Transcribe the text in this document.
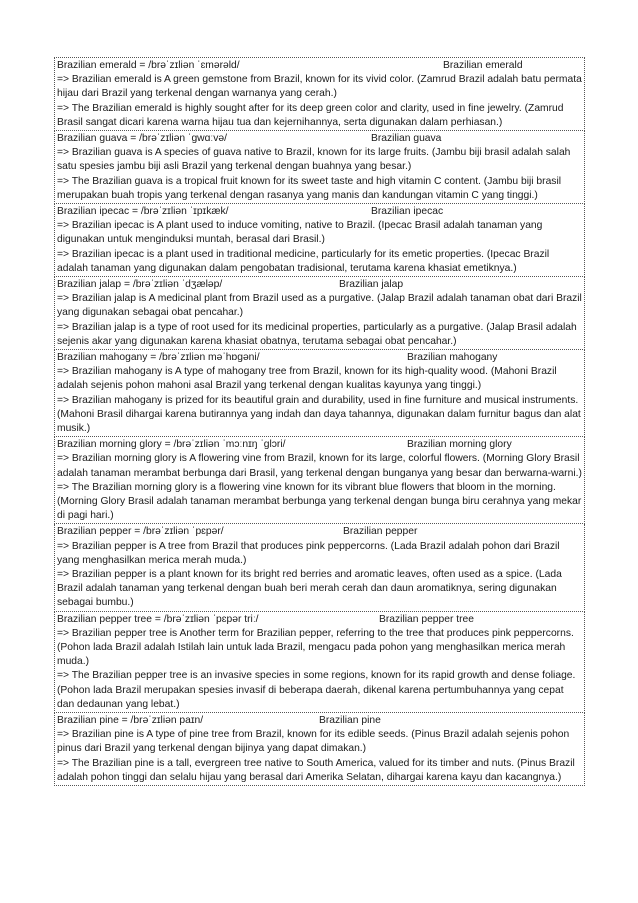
Brazilian emerald = /brəˈzɪliən ˈɛmərəld/	Brazilian emerald

=> Brazilian emerald is A green gemstone from Brazil, known for its vivid color. (Zamrud Brazil adalah batu permata hijau dari Brazil yang terkenal dengan warnanya yang cerah.)

=> The Brazilian emerald is highly sought after for its deep green color and clarity, used in fine jewelry. (Zamrud Brasil sangat dicari karena warna hijau tua dan kejernihannya, serta digunakan dalam perhiasan.)

Brazilian guava = /brəˈzɪliən ˈɡwɑːvə/	Brazilian guava

=> Brazilian guava is A species of guava native to Brazil, known for its large fruits. (Jambu biji brasil adalah salah satu spesies jambu biji asli Brazil yang terkenal dengan buahnya yang besar.)

=> The Brazilian guava is a tropical fruit known for its sweet taste and high vitamin C content. (Jambu biji brasil merupakan buah tropis yang terkenal dengan rasanya yang manis dan kandungan vitamin C yang tinggi.)

Brazilian ipecac = /brəˈzɪliən ˈɪpɪkæk/	Brazilian ipecac

=> Brazilian ipecac is A plant used to induce vomiting, native to Brazil. (Ipecac Brasil adalah tanaman yang digunakan untuk menginduksi muntah, berasal dari Brasil.)

=> Brazilian ipecac is a plant used in traditional medicine, particularly for its emetic properties. (Ipecac Brazil adalah tanaman yang digunakan dalam pengobatan tradisional, terutama karena khasiat emetiknya.)

Brazilian jalap = /brəˈzɪliən ˈdʒæləp/	Brazilian jalap

=> Brazilian jalap is A medicinal plant from Brazil used as a purgative. (Jalap Brazil adalah tanaman obat dari Brazil yang digunakan sebagai obat pencahar.)

=> Brazilian jalap is a type of root used for its medicinal properties, particularly as a purgative. (Jalap Brasil adalah sejenis akar yang digunakan karena khasiat obatnya, terutama sebagai obat pencahar.)

Brazilian mahogany = /brəˈzɪliən məˈhɒɡəni/	Brazilian mahogany

=> Brazilian mahogany is A type of mahogany tree from Brazil, known for its high-quality wood. (Mahoni Brazil adalah sejenis pohon mahoni asal Brazil yang terkenal dengan kualitas kayunya yang tinggi.)

=> Brazilian mahogany is prized for its beautiful grain and durability, used in fine furniture and musical instruments. (Mahoni Brasil dihargai karena butirannya yang indah dan daya tahannya, digunakan dalam furnitur bagus dan alat musik.)

Brazilian morning glory = /brəˈzɪliən ˈmɔːnɪŋ ˈɡlɔri/	Brazilian morning glory

=> Brazilian morning glory is A flowering vine from Brazil, known for its large, colorful flowers. (Morning Glory Brasil adalah tanaman merambat berbunga dari Brasil, yang terkenal dengan bunganya yang besar dan berwarna-warni.)

=> The Brazilian morning glory is a flowering vine known for its vibrant blue flowers that bloom in the morning. (Morning Glory Brasil adalah tanaman merambat berbunga yang terkenal dengan bunga biru cerahnya yang mekar di pagi hari.)

Brazilian pepper = /brəˈzɪliən ˈpɛpər/	Brazilian pepper

=> Brazilian pepper is A tree from Brazil that produces pink peppercorns. (Lada Brazil adalah pohon dari Brazil yang menghasilkan merica merah muda.)

=> Brazilian pepper is a plant known for its bright red berries and aromatic leaves, often used as a spice. (Lada Brazil adalah tanaman yang terkenal dengan buah beri merah cerah dan daun aromatiknya, sering digunakan sebagai bumbu.)

Brazilian pepper tree = /brəˈzɪliən ˈpɛpər triː/	Brazilian pepper tree

=> Brazilian pepper tree is Another term for Brazilian pepper, referring to the tree that produces pink peppercorns. (Pohon lada Brazil adalah Istilah lain untuk lada Brazil, mengacu pada pohon yang menghasilkan merica merah muda.)

=> The Brazilian pepper tree is an invasive species in some regions, known for its rapid growth and dense foliage. (Pohon lada Brazil merupakan spesies invasif di beberapa daerah, dikenal karena pertumbuhannya yang cepat dan dedaunan yang lebat.)

Brazilian pine = /brəˈzɪliən paɪn/	Brazilian pine

=> Brazilian pine is A type of pine tree from Brazil, known for its edible seeds. (Pinus Brazil adalah sejenis pohon pinus dari Brazil yang terkenal dengan bijinya yang dapat dimakan.)

=> The Brazilian pine is a tall, evergreen tree native to South America, valued for its timber and nuts. (Pinus Brazil adalah pohon tinggi dan selalu hijau yang berasal dari Amerika Selatan, dihargai karena kayu dan kacangnya.)
